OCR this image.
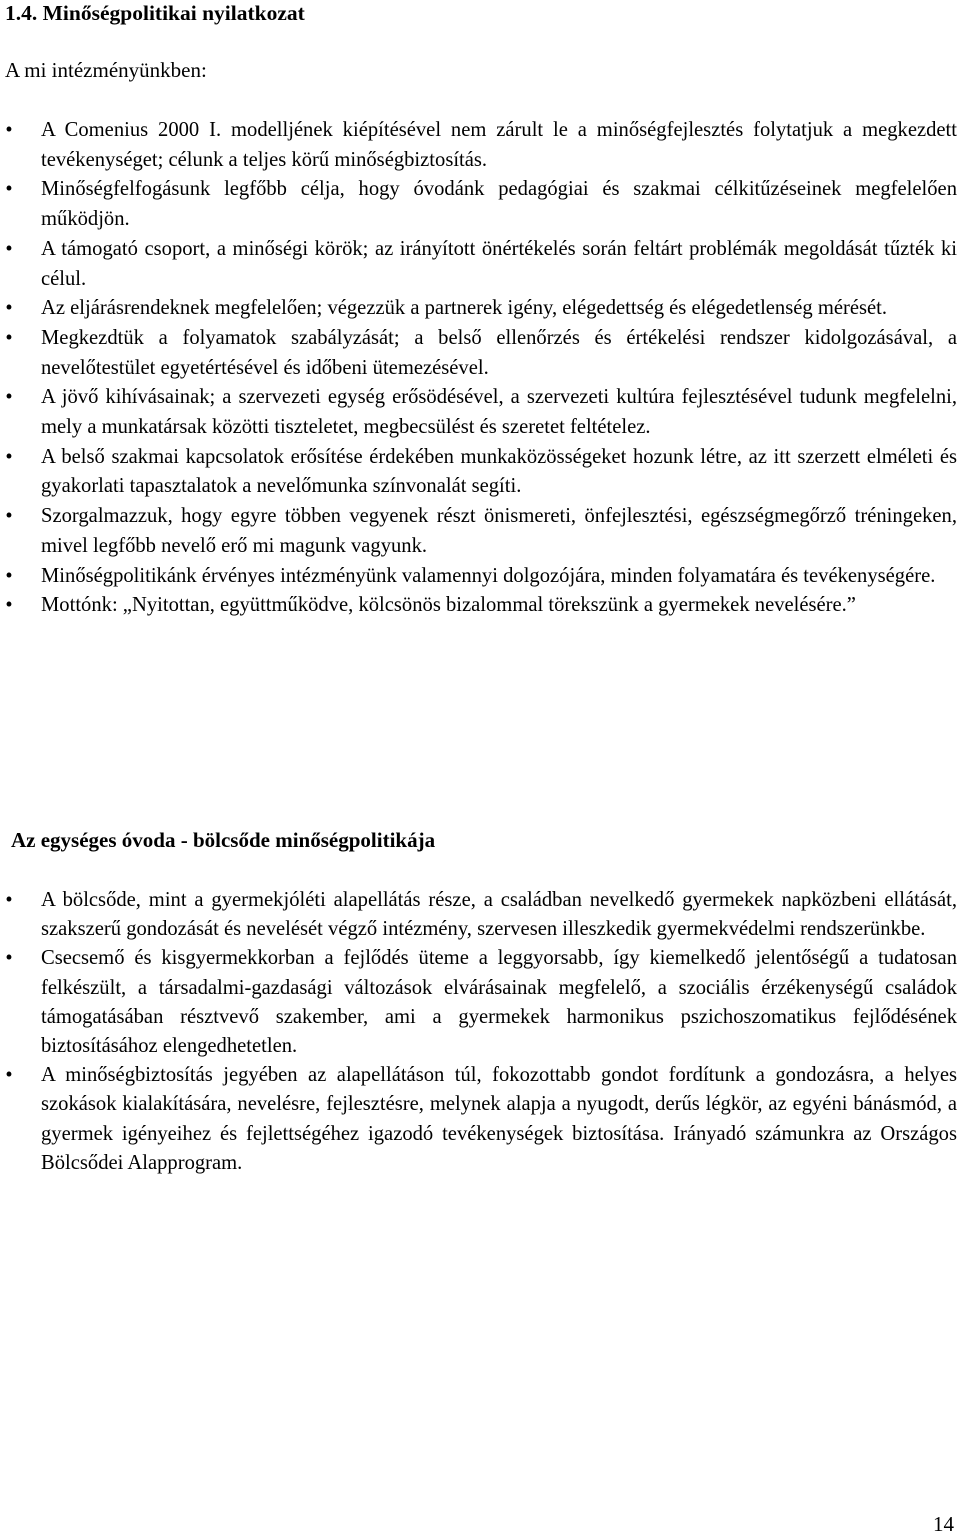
1.4. Minőségpolitikai nyilatkozat

A mi intézményünkben:

• A Comenius 2000 I. modelljének kiépítésével nem zárult le a minőségfejlesztés folytatjuk a megkezdett tevékenységet; célunk a teljes körű minőségbiztosítás.
• Minőségfelfogásunk legfőbb célja, hogy óvodánk pedagógiai és szakmai célkitűzéseinek megfelelően működjön.
• A támogató csoport, a minőségi körök; az irányított önértékelés során feltárt problémák megoldását tűzték ki célul.
• Az eljárásrendeknek megfelelően; végezzük a partnerek igény, elégedettség és elégedetlenség mérését.
• Megkezdtük a folyamatok szabályzását; a belső ellenőrzés és értékelési rendszer kidolgozásával, a nevelőtestület egyetértésével és időbeni ütemezésével.
• A jövő kihívásainak; a szervezeti egység erősödésével, a szervezeti kultúra fejlesztésével tudunk megfelelni, mely a munkatársak közötti tiszteletet, megbecsülést és szeretet feltételez.
• A belső szakmai kapcsolatok erősítése érdekében munkaközösségeket hozunk létre, az itt szerzett elméleti és gyakorlati tapasztalatok a nevelőmunka színvonalát segíti.
• Szorgalmazzuk, hogy egyre többen vegyenek részt önismereti, önfejlesztési, egészségmegőrző tréningeken, mivel legfőbb nevelő erő mi magunk vagyunk.
• Minőségpolitikánk érvényes intézményünk valamennyi dolgozójára, minden folyamatára és tevékenységére.
• Mottónk: „Nyitottan, együttműködve, kölcsönös bizalommal törekszünk a gyermekek nevelésére.”
Az egységes óvoda - bölcsőde minőségpolitikája
• A bölcsőde, mint a gyermekjóléti alapellátás része, a családban nevelkedő gyermekek napközbeni ellátását, szakszerű gondozását és nevelését végző intézmény, szervesen illeszkedik gyermekvédelmi rendszerünkbe.
• Csecsemő és kisgyermekkorban a fejlődés üteme a leggyorsabb, így kiemelkedő jelentőségű a tudatosan felkészült, a társadalmi-gazdasági változások elvárásainak megfelelő, a szociális érzékenységű családok támogatásában résztvevő szakember, ami a gyermekek harmonikus pszichoszomatikus fejlődésének biztosításához elengedhetetlen.
• A minőségbiztosítás jegyében az alapellátáson túl, fokozottabb gondot fordítunk a gondozásra, a helyes szokások kialakítására, nevelésre, fejlesztésre, melynek alapja a nyugodt, derűs légkör, az egyéni bánásmód, a gyermek igényeihez és fejlettségéhez igazodó tevékenységek biztosítása. Irányadó számunkra az Országos Bölcsődei Alapprogram.

14
